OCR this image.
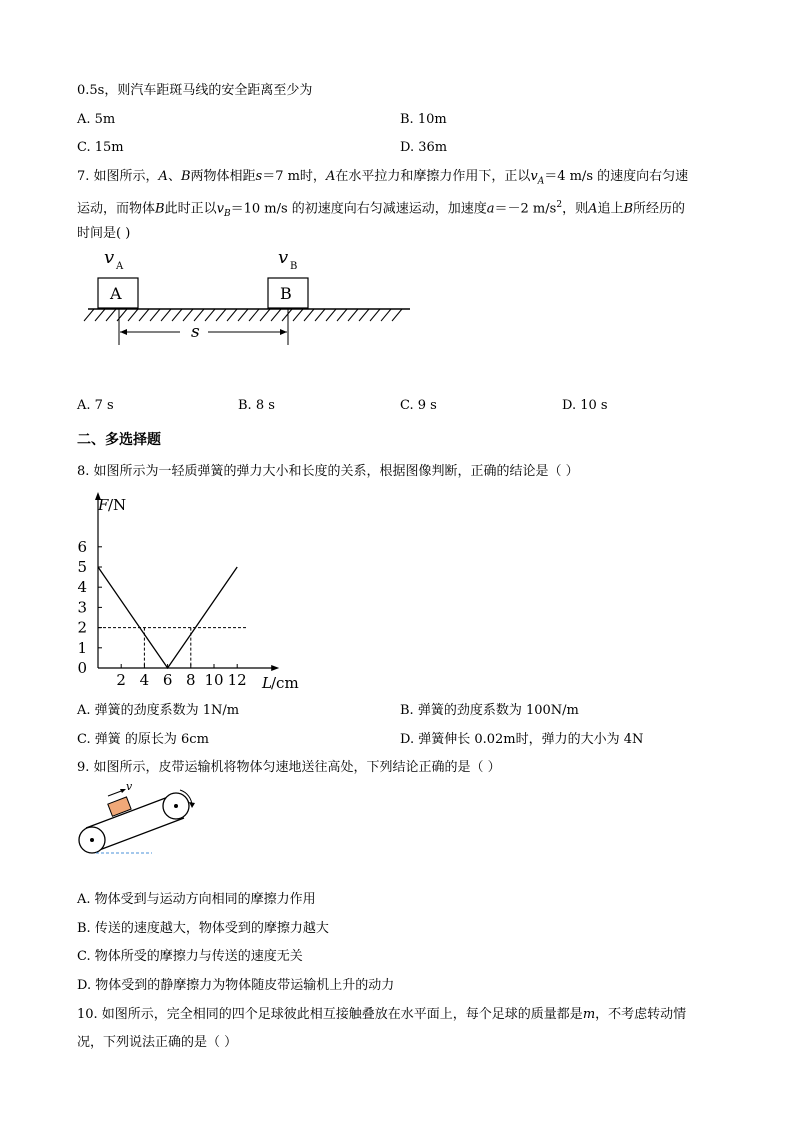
0.5s，则汽车距斑马线的安全距离至少为
A. 5m	B. 10m
C. 15m	D. 36m
7. 如图所示，A、B两物体相距s＝7 m时，A在水平拉力和摩擦力作用下，正以$v_A=4$ m/s 的速度向右匀速
运动，而物体B此时正以$v_B=10$ m/s 的初速度向右匀减速运动，加速度a＝－2 $m/s^2$，则A追上B所经历的
时间是( )
v A	v B
A	B
s
A. 7 s	B. 8 s	C. 9 s	D. 10 s
二、多选择题
8. 如图所示为一轻质弹簧的弹力大小和长度的关系，根据图像判断，正确的结论是（ ）
2 4 6 8 10 12
0
1
2
3
4
5
6
F /N
L /cm
A. 弹簧的劲度系数为 1N/m	B. 弹簧的劲度系数为 100N/m
C. 弹簧 的原长为 6cm	D. 弹簧伸长 0.02m时，弹力的大小为 4N
9. 如图所示，皮带运输机将物体匀速地送往高处，下列结论正确的是（ ）
v
A. 物体受到与运动方向相同的摩擦力作用
B. 传送的速度越大，物体受到的摩擦力越大
C. 物体所受的摩擦力与传送的速度无关
D. 物体受到的静摩擦力为物体随皮带运输机上升的动力
10. 如图所示，完全相同的四个足球彼此相互接触叠放在水平面上，每个足球的质量都是m，不考虑转动情
况，下列说法正确的是（ ）
